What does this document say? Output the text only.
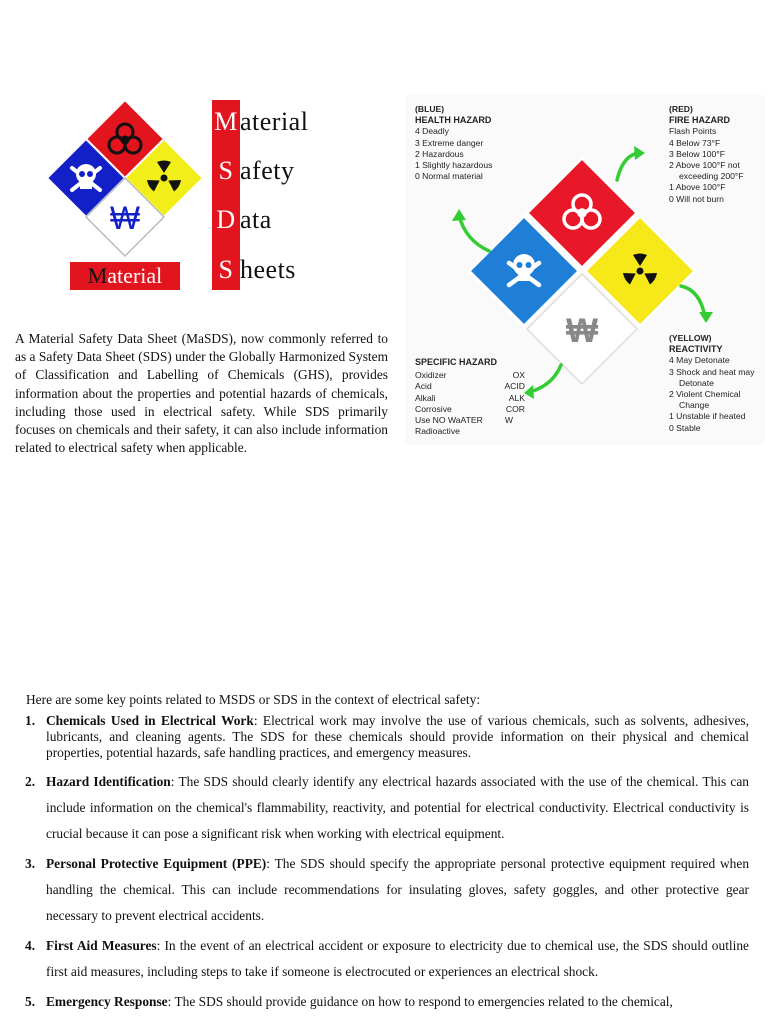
₩
Material
S afety
D ata
S heets
Material

A Material Safety Data Sheet (MaSDS), now commonly referred to as a Safety Data Sheet (SDS) under the Globally Harmonized System of Classification and Labelling of Chemicals (GHS), provides information about the properties and potential hazards of chemicals, including those used in electrical safety. While SDS primarily focuses on chemicals and their safety, it can also include information related to electrical safety when applicable.

₩
(BLUE)
HEALTH HAZARD
4 Deadly
3 Extreme danger
2 Hazardous
1 Slightly hazardous
0 Normal material
(RED)
FIRE HAZARD
Flash Points
4 Below 73°F
3 Below 100°F
2 Above 100°F not
exceeding 200°F
1 Above 100°F
0 Will not burn
(YELLOW)
REACTIVITY
4 May Detonate
3 Shock and heat may
Detonate
2 Violent Chemical
Change
1 Unstable if heated
0 Stable
SPECIFIC HAZARD
Oxidizer	OX
Acid	ACID
Alkali	ALK
Corrosive	COR
Use NO WaATER	W
Radioactive
Here are some key points related to MSDS or SDS in the context of electrical safety:
1. Chemicals Used in Electrical Work: Electrical work may involve the use of various chemicals, such as solvents, adhesives, lubricants, and cleaning agents. The SDS for these chemicals should provide information on their physical and chemical properties, potential hazards, safe handling practices, and emergency measures.
2. Hazard Identification: The SDS should clearly identify any electrical hazards associated with the use of the chemical. This can include information on the chemical's flammability, reactivity, and potential for electrical conductivity. Electrical conductivity is crucial because it can pose a significant risk when working with electrical equipment.
3. Personal Protective Equipment (PPE): The SDS should specify the appropriate personal protective equipment required when handling the chemical. This can include recommendations for insulating gloves, safety goggles, and other protective gear necessary to prevent electrical accidents.
4. First Aid Measures: In the event of an electrical accident or exposure to electricity due to chemical use, the SDS should outline first aid measures, including steps to take if someone is electrocuted or experiences an electrical shock.
5. Emergency Response: The SDS should provide guidance on how to respond to emergencies related to the chemical,
